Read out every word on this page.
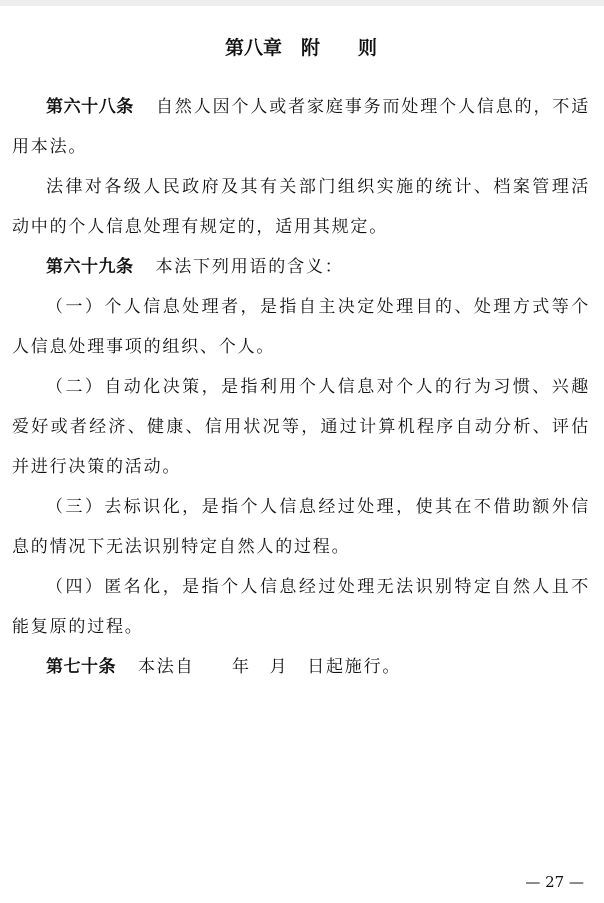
第八章　附　　则

第六十八条 自然人因个人或者家庭事务而处理个人信息的，不适用本法。

法律对各级人民政府及其有关部门组织实施的统计、档案管理活动中的个人信息处理有规定的，适用其规定。

第六十九条 本法下列用语的含义：

（一）个人信息处理者，是指自主决定处理目的、处理方式等个人信息处理事项的组织、个人。

（二）自动化决策，是指利用个人信息对个人的行为习惯、兴趣爱好或者经济、健康、信用状况等，通过计算机程序自动分析、评估并进行决策的活动。

（三）去标识化，是指个人信息经过处理，使其在不借助额外信息的情况下无法识别特定自然人的过程。

（四）匿名化，是指个人信息经过处理无法识别特定自然人且不能复原的过程。

第七十条 本法自　　年　月　日起施行。

— 27 —
